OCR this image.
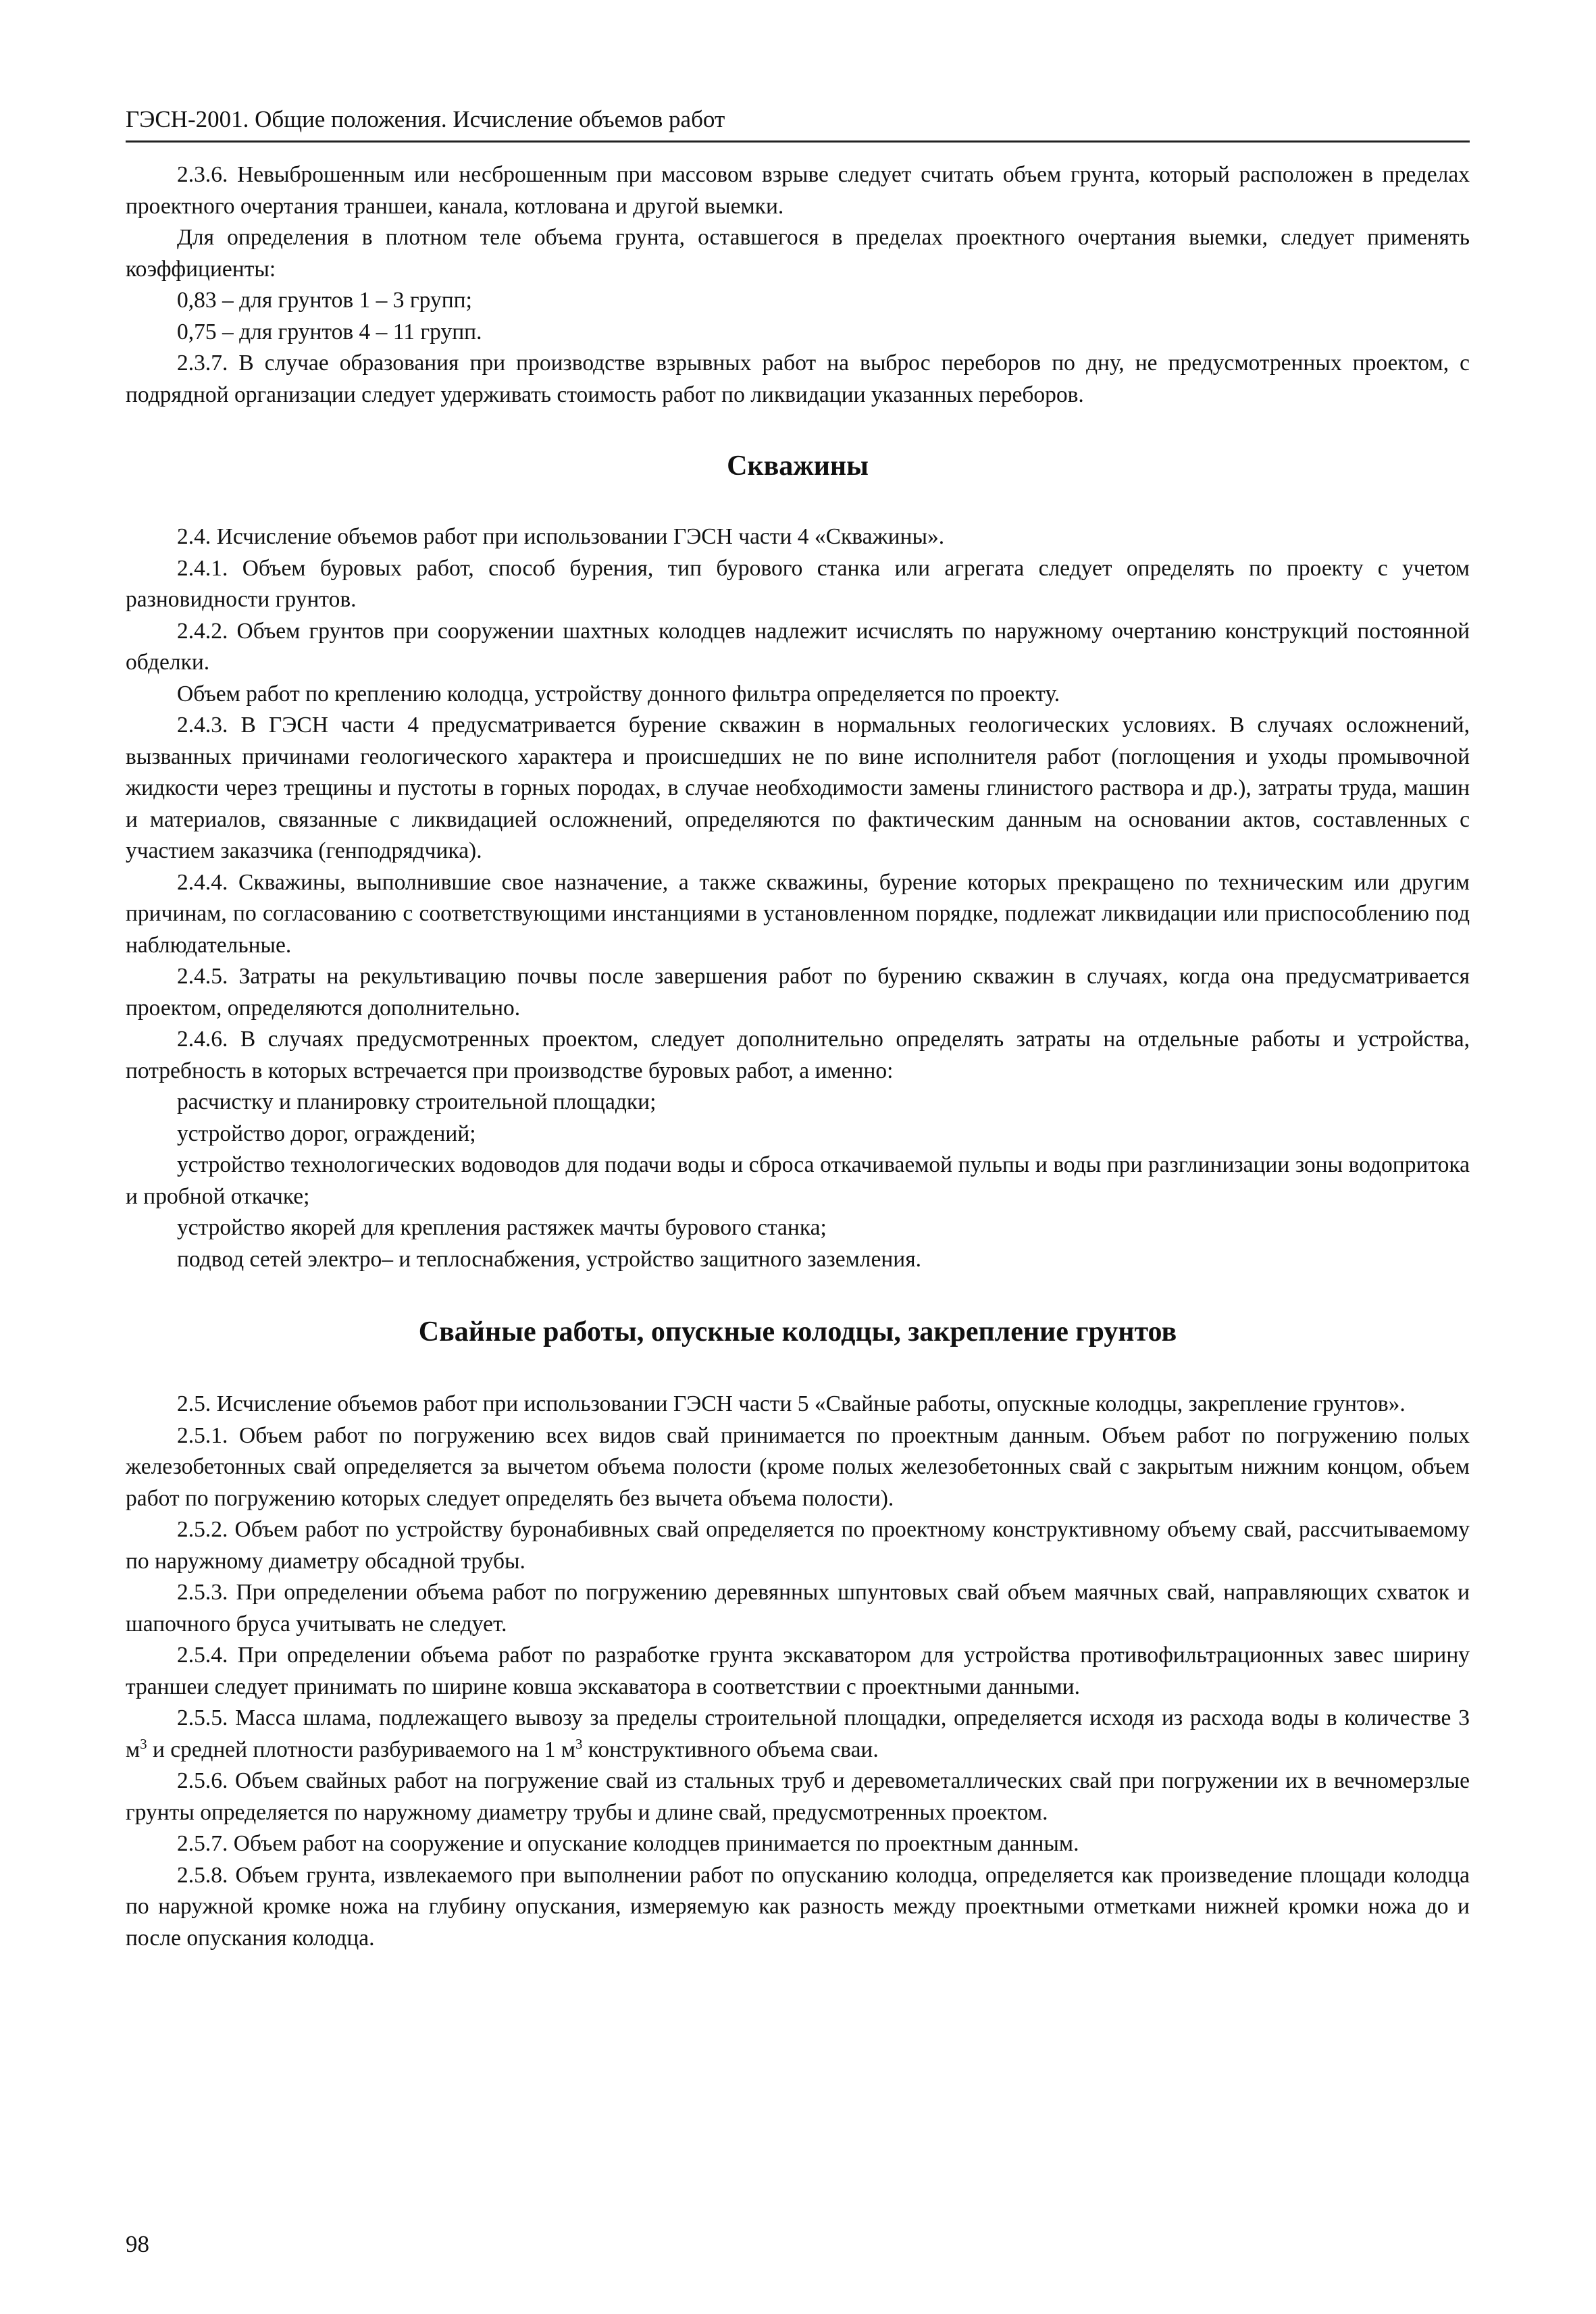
ГЭСН-2001. Общие положения. Исчисление объемов работ

2.3.6. Невыброшенным или несброшенным при массовом взрыве следует считать объем грунта, который расположен в пределах проектного очертания траншеи, канала, котлована и другой выемки.

Для определения в плотном теле объема грунта, оставшегося в пределах проектного очертания выемки, следует применять коэффициенты:

0,83 – для грунтов 1 – 3 групп;

0,75 – для грунтов 4 – 11 групп.

2.3.7. В случае образования при производстве взрывных работ на выброс переборов по дну, не предусмотренных проектом, с подрядной организации следует удерживать стоимость работ по ликвидации указанных переборов.

Скважины

2.4. Исчисление объемов работ при использовании ГЭСН части 4 «Скважины».

2.4.1. Объем буровых работ, способ бурения, тип бурового станка или агрегата следует определять по проекту с учетом разновидности грунтов.

2.4.2. Объем грунтов при сооружении шахтных колодцев надлежит исчислять по наружному очертанию конструкций постоянной обделки.

Объем работ по креплению колодца, устройству донного фильтра определяется по проекту.

2.4.3. В ГЭСН части 4 предусматривается бурение скважин в нормальных геологических условиях. В случаях осложнений, вызванных причинами геологического характера и происшедших не по вине исполнителя работ (поглощения и уходы промывочной жидкости через трещины и пустоты в горных породах, в случае необходимости замены глинистого раствора и др.), затраты труда, машин и материалов, связанные с ликвидацией осложнений, определяются по фактическим данным на основании актов, составленных с участием заказчика (генподрядчика).

2.4.4. Скважины, выполнившие свое назначение, а также скважины, бурение которых прекращено по техническим или другим причинам, по согласованию с соответствующими инстанциями в установленном порядке, подлежат ликвидации или приспособлению под наблюдательные.

2.4.5. Затраты на рекультивацию почвы после завершения работ по бурению скважин в случаях, когда она предусматривается проектом, определяются дополнительно.

2.4.6. В случаях предусмотренных проектом, следует дополнительно определять затраты на отдельные работы и устройства, потребность в которых встречается при производстве буровых работ, а именно:

расчистку и планировку строительной площадки;

устройство дорог, ограждений;

устройство технологических водоводов для подачи воды и сброса откачиваемой пульпы и воды при разглинизации зоны водопритока и пробной откачке;

устройство якорей для крепления растяжек мачты бурового станка;

подвод сетей электро– и теплоснабжения, устройство защитного заземления.

Свайные работы, опускные колодцы, закрепление грунтов

2.5. Исчисление объемов работ при использовании ГЭСН части 5 «Свайные работы, опускные колодцы, закрепление грунтов».

2.5.1. Объем работ по погружению всех видов свай принимается по проектным данным. Объем работ по погружению полых железобетонных свай определяется за вычетом объема полости (кроме полых железобетонных свай с закрытым нижним концом, объем работ по погружению которых следует определять без вычета объема полости).

2.5.2. Объем работ по устройству буронабивных свай определяется по проектному конструктивному объему свай, рассчитываемому по наружному диаметру обсадной трубы.

2.5.3. При определении объема работ по погружению деревянных шпунтовых свай объем маячных свай, направляющих схваток и шапочного бруса учитывать не следует.

2.5.4. При определении объема работ по разработке грунта экскаватором для устройства противофильтрационных завес ширину траншеи следует принимать по ширине ковша экскаватора в соответствии с проектными данными.

2.5.5. Масса шлама, подлежащего вывозу за пределы строительной площадки, определяется исходя из расхода воды в количестве 3 $м^3$ и средней плотности разбуриваемого на 1 $м^3$ конструктивного объема сваи.

2.5.6. Объем свайных работ на погружение свай из стальных труб и деревометаллических свай при погружении их в вечномерзлые грунты определяется по наружному диаметру трубы и длине свай, предусмотренных проектом.

2.5.7. Объем работ на сооружение и опускание колодцев принимается по проектным данным.

2.5.8. Объем грунта, извлекаемого при выполнении работ по опусканию колодца, определяется как произведение площади колодца по наружной кромке ножа на глубину опускания, измеряемую как разность между проектными отметками нижней кромки ножа до и после опускания колодца.

98
